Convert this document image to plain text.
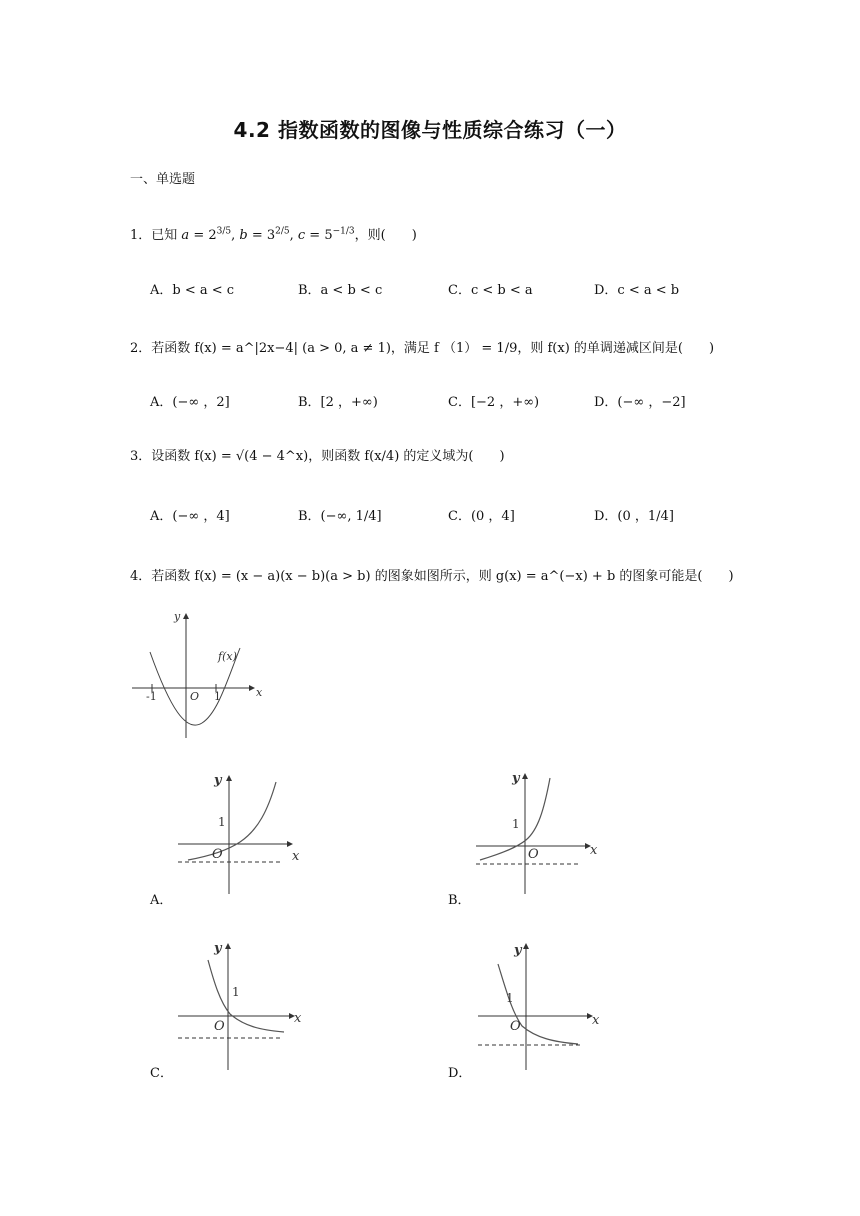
4.2 指数函数的图像与性质综合练习（一）
一、单选题
1．已知 $a = 2^{3/5}$, $b = 3^{2/5}$, $c = 5^{-1/3}$，则(　　)
A．b < a < c	B．a < b < c	C．c < b < a	D．c < a < b
2．若函数 f(x) = a^|2x−4| (a > 0, a ≠ 1)，满足 f （1） = 1/9，则 f(x) 的单调递减区间是(　　)
A．(−∞ ，2]	B．[2 ，+∞)	C．[−2 ，+∞)	D．(−∞ ，−2]
3．设函数 f(x) = √(4 − 4^x)，则函数 f(x/4) 的定义域为(　　)
A．(−∞ ，4]	B．(−∞, 1/4]	C．(0 ，4]	D．(0 ，1/4]
4．若函数 f(x) = (x − a)(x − b)(a > b) 的图象如图所示，则 g(x) = a^(−x) + b 的图象可能是(　　)
y
x
f(x)
-1	O 1
y
x
1
O
A．
y
x
1
O
B．
y
x
1
O
C．
y
x
1
O
D．
